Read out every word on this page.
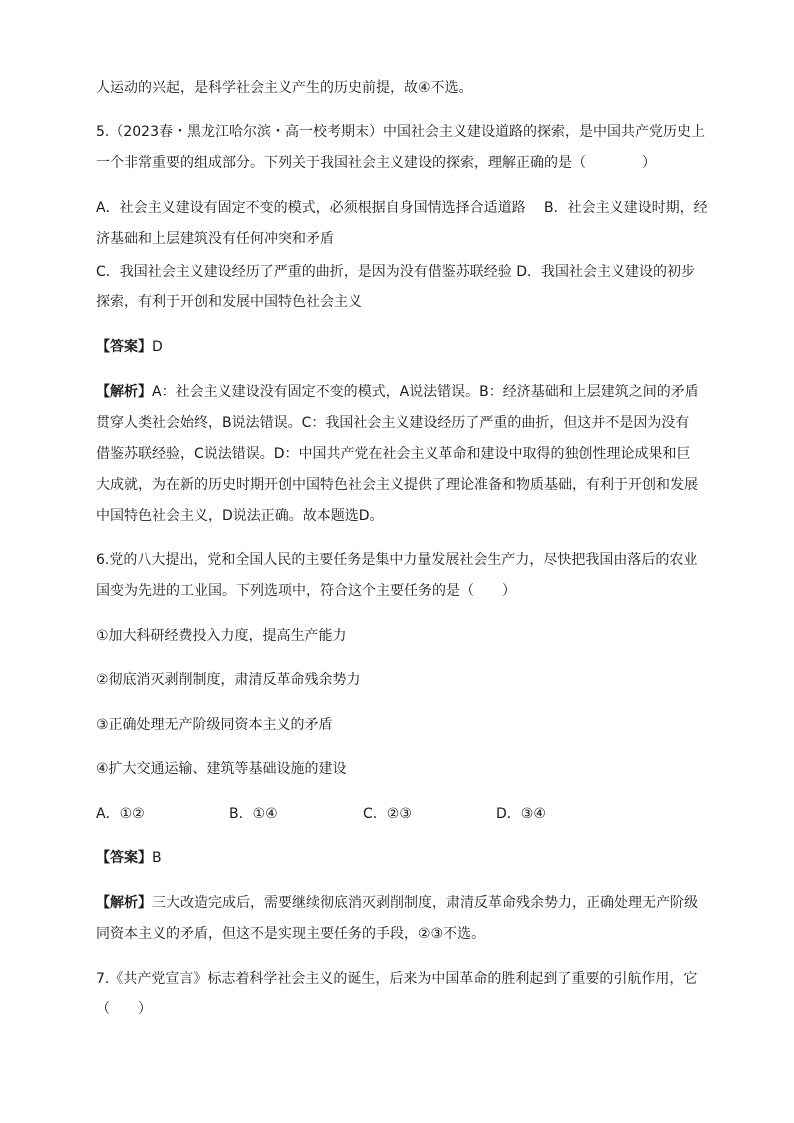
人运动的兴起，是科学社会主义产生的历史前提，故④不选。
5.（2023春・黑龙江哈尔滨・高一校考期末）中国社会主义建设道路的探索，是中国共产党历史上
一个非常重要的组成部分。下列关于我国社会主义建设的探索，理解正确的是（　　　　）
A．社会主义建设有固定不变的模式，必须根据自身国情选择合适道路　 B．社会主义建设时期，经
济基础和上层建筑没有任何冲突和矛盾
C．我国社会主义建设经历了严重的曲折，是因为没有借鉴苏联经验 D．我国社会主义建设的初步
探索，有利于开创和发展中国特色社会主义
【答案】D
【解析】A：社会主义建设没有固定不变的模式，A说法错误。B：经济基础和上层建筑之间的矛盾
贯穿人类社会始终，B说法错误。C：我国社会主义建设经历了严重的曲折，但这并不是因为没有
借鉴苏联经验，C说法错误。D：中国共产党在社会主义革命和建设中取得的独创性理论成果和巨
大成就，为在新的历史时期开创中国特色社会主义提供了理论准备和物质基础，有利于开创和发展
中国特色社会主义，D说法正确。故本题选D。
6.党的八大提出，党和全国人民的主要任务是集中力量发展社会生产力，尽快把我国由落后的农业
国变为先进的工业国。下列选项中，符合这个主要任务的是（　　）
①加大科研经费投入力度，提高生产能力
②彻底消灭剥削制度，肃清反革命残余势力
③正确处理无产阶级同资本主义的矛盾
④扩大交通运输、建筑等基础设施的建设
A．①②	B．①④	C．②③	D．③④
【答案】B
【解析】三大改造完成后，需要继续彻底消灭剥削制度，肃清反革命残余势力，正确处理无产阶级
同资本主义的矛盾，但这不是实现主要任务的手段，②③不选。
7.《共产党宣言》标志着科学社会主义的诞生，后来为中国革命的胜利起到了重要的引航作用，它
（　　）
